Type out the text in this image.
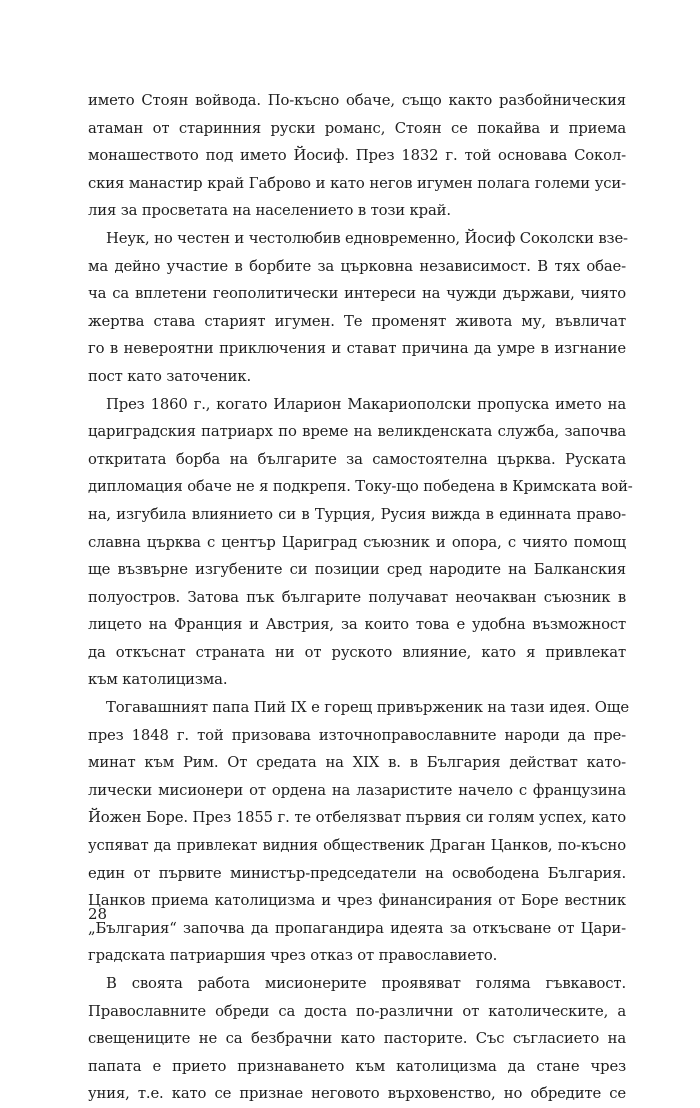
името Стоян войвода. По-късно обаче, също както разбойническия
атаман от старинния руски романс, Стоян се покайва и приема
монашеството под името Йосиф. През 1832 г. той основава Сокол-
ския манастир край Габрово и като негов игумен полага големи уси-
лия за просветата на населението в този край.
Неук, но честен и честолюбив едновременно, Йосиф Соколски взе-
ма дейно участие в борбите за църковна независимост. В тях обае-
ча са вплетени геополитически интереси на чужди държави, чиято
жертва става старият игумен. Те променят живота му, въвличат
го в невероятни приключения и стават причина да умре в изгнание
пост като заточеник.
През 1860 г., когато Иларион Макариополски пропуска името на
цариградския патриарх по време на великденската служба, започва
откритата борба на българите за самостоятелна църква. Руската
дипломация обаче не я подкрепя. Току-що победена в Кримската вой-
на, изгубила влиянието си в Турция, Русия вижда в единната право-
славна църква с център Цариград съюзник и опора, с чиято помощ
ще възвърне изгубените си позиции сред народите на Балканския
полуостров. Затова пък българите получават неочакван съюзник в
лицето на Франция и Австрия, за които това е удобна възможност
да откъснат страната ни от руското влияние, като я привлекат
към католицизма.
Тогавашният папа Пий IX е горещ привърженик на тази идея. Още
през 1848 г. той призовава източноправославните народи да пре-
минат към Рим. От средата на XIX в. в България действат като-
лически мисионери от ордена на лазаристите начело с французина
Йожен Боре. През 1855 г. те отбелязват първия си голям успех, като
успяват да привлекат видния общественик Драган Цанков, по-късно
един от първите министър-председатели на освободена България.
Цанков приема католицизма и чрез финансирания от Боре вестник
„България“ започва да пропагандира идеята за откъсване от Цари-
градската патриаршия чрез отказ от православието.
В своята работа мисионерите проявяват голяма гъвкавост.
Православните обреди са доста по-различни от католическите, а
свещениците не са безбрачни като пасторите. Със съгласието на
папата е прието признаването към католицизма да стане чрез
уния, т.е. като се признае неговото върховенство, но обредите се
28
